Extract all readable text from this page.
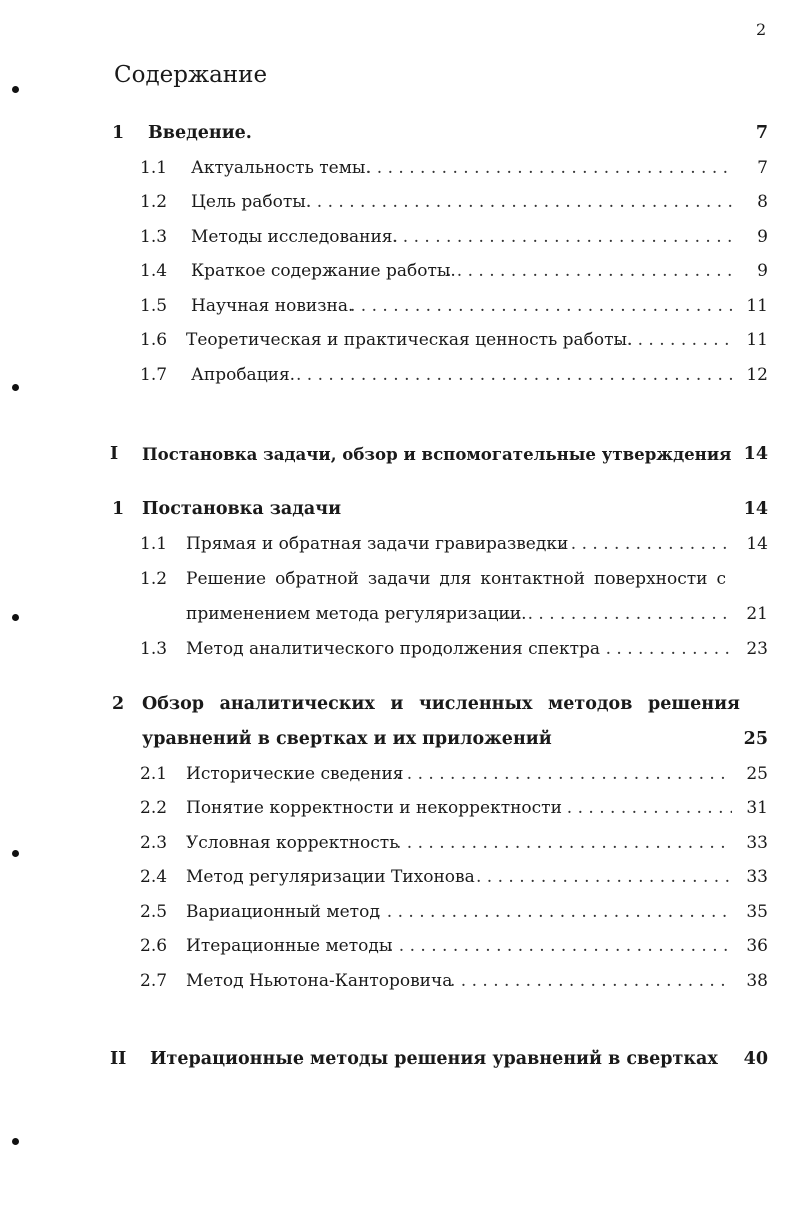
2
Содержание
1 Введение.	7
1.1 Актуальность темы. . . .	7
1.2 Цель работы. . . .	8
1.3 Методы исследования. . . .	9
1.4 Краткое содержание работы. . . .	9
1.5 Научная новизна. . . .	11
1.6 Теоретическая и практическая ценность работы. . . .	11
1.7 Апробация. . . .	12
I Постановка задачи, обзор и вспомогательные утверждения 14
1 Постановка задачи	14
1.1 Прямая и обратная задачи гравиразведки . . .	14
1.2 Решение обратной задачи для контактной поверхности с
применением метода регуляризации. . . .	21
1.3 Метод аналитического продолжения спектра . . .	23
2 Обзор аналитических и численных методов решения
уравнений в свертках и их приложений	25
2.1 Исторические сведения . . .	25
2.2 Понятие корректности и некорректности . . .	31
2.3 Условная корректность . . .	33
2.4 Метод регуляризации Тихонова . . .	33
2.5 Вариационный метод . . .	35
2.6 Итерационные методы . . .	36
2.7 Метод Ньютона-Канторовича . . .	38
II Итерационные методы решения уравнений в свертках 40
